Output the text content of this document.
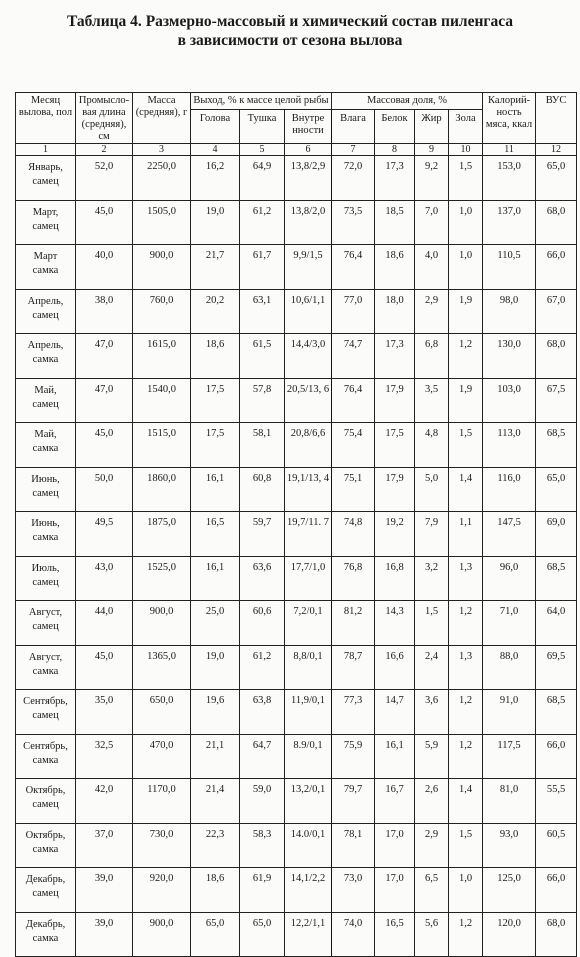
Таблица 4. Размерно-массовый и химический состав пиленгаса
в зависимости от сезона вылова
Месяц вылова, пол	Промысло-вая длина (средняя), см	Масса (средняя), г	Выход, % к массе целой рыбы			Массовая доля, %				Калорий-ность мяса, ккал	ВУС
			Голова	Тушка	Внутре нности	Влага	Белок	Жир	Зола		
1	2	3	4	5	6	7	8	9	10	11	12

Январь,
самец	52,0	2250,0	16,2	64,9	13,8/2,9	72,0	17,3	9,2	1,5	153,0	65,0

Март,
самец	45,0	1505,0	19,0	61,2	13,8/2,0	73,5	18,5	7,0	1,0	137,0	68,0

Март
самка	40,0	900,0	21,7	61,7	9,9/1,5	76,4	18,6	4,0	1,0	110,5	66,0

Апрель,
самец	38,0	760,0	20,2	63,1	10,6/1,1	77,0	18,0	2,9	1,9	98,0	67,0

Апрель,
самка	47,0	1615,0	18,6	61,5	14,4/3,0	74,7	17,3	6,8	1,2	130,0	68,0

Май,
самец	47,0	1540,0	17,5	57,8	20,5/13, 6	76,4	17,9	3,5	1,9	103,0	67,5

Май,
самка	45,0	1515,0	17,5	58,1	20,8/6,6	75,4	17,5	4,8	1,5	113,0	68,5

Июнь,
самец	50,0	1860,0	16,1	60,8	19,1/13, 4	75,1	17,9	5,0	1,4	116,0	65,0

Июнь,
самка	49,5	1875,0	16,5	59,7	19,7/11. 7	74,8	19,2	7,9	1,1	147,5	69,0

Июль,
самец	43,0	1525,0	16,1	63,6	17,7/1,0	76,8	16,8	3,2	1,3	96,0	68,5

Август,
самец	44,0	900,0	25,0	60,6	7,2/0,1	81,2	14,3	1,5	1,2	71,0	64,0

Август,
самка	45,0	1365,0	19,0	61,2	8,8/0,1	78,7	16,6	2,4	1,3	88,0	69,5

Сентябрь,
самец	35,0	650,0	19,6	63,8	11,9/0,1	77,3	14,7	3,6	1,2	91,0	68,5

Сентябрь,
самка	32,5	470,0	21,1	64,7	8.9/0,1	75,9	16,1	5,9	1,2	117,5	66,0

Октябрь,
самец	42,0	1170,0	21,4	59,0	13,2/0,1	79,7	16,7	2,6	1,4	81,0	55,5

Октябрь,
самка	37,0	730,0	22,3	58,3	14.0/0,1	78,1	17,0	2,9	1,5	93,0	60,5

Декабрь,
самец	39,0	920,0	18,6	61,9	14,1/2,2	73,0	17,0	6,5	1,0	125,0	66,0

Декабрь,
самка	39,0	900,0	65,0	65,0	12,2/1,1	74,0	16,5	5,6	1,2	120,0	68,0
